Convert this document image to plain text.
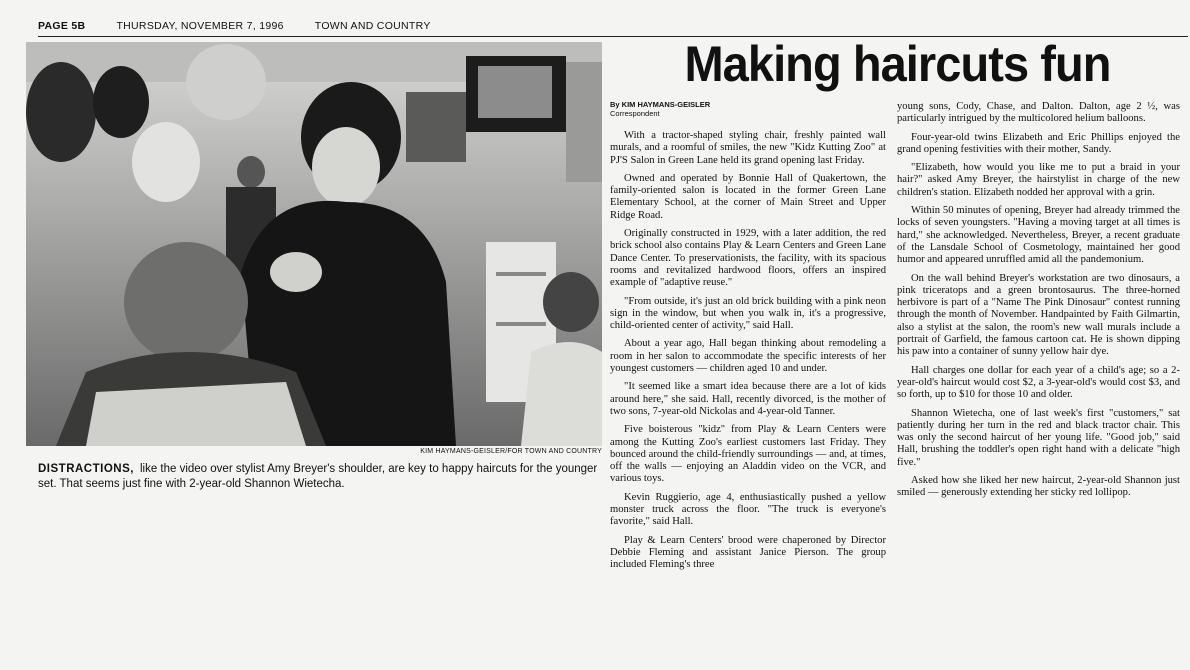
PAGE 5B	THURSDAY, NOVEMBER 7, 1996	TOWN AND COUNTRY
KIM HAYMANS-GEISLER/FOR TOWN AND COUNTRY
DISTRACTIONS, like the video over stylist Amy Breyer's shoulder, are key to happy haircuts for the younger set. That seems just fine with 2-year-old Shannon Wietecha.
Making haircuts fun
By KIM HAYMANS-GEISLER
Correspondent

With a tractor-shaped styling chair, freshly painted wall murals, and a roomful of smiles, the new "Kidz Kutting Zoo" at PJ'S Salon in Green Lane held its grand opening last Friday.

Owned and operated by Bonnie Hall of Quakertown, the family-oriented salon is located in the former Green Lane Elementary School, at the corner of Main Street and Upper Ridge Road.

Originally constructed in 1929, with a later addition, the red brick school also contains Play & Learn Centers and Green Lane Dance Center. To preservationists, the facility, with its spacious rooms and revitalized hardwood floors, offers an inspired example of "adaptive reuse."

"From outside, it's just an old brick building with a pink neon sign in the window, but when you walk in, it's a progressive, child-oriented center of activity," said Hall.

About a year ago, Hall began thinking about remodeling a room in her salon to accommodate the specific interests of her youngest customers — children aged 10 and under.

"It seemed like a smart idea because there are a lot of kids around here," she said. Hall, recently divorced, is the mother of two sons, 7-year-old Nickolas and 4-year-old Tanner.

Five boisterous "kidz" from Play & Learn Centers were among the Kutting Zoo's earliest customers last Friday. They bounced around the child-friendly surroundings — and, at times, off the walls — enjoying an Aladdin video on the VCR, and various toys.

Kevin Ruggierio, age 4, enthusiastically pushed a yellow monster truck across the floor. "The truck is everyone's favorite," said Hall.

Play & Learn Centers' brood were chaperoned by Director Debbie Fleming and assistant Janice Pierson. The group included Fleming's three

young sons, Cody, Chase, and Dalton. Dalton, age 2 ½, was particularly intrigued by the multicolored helium balloons.

Four-year-old twins Elizabeth and Eric Phillips enjoyed the grand opening festivities with their mother, Sandy.

"Elizabeth, how would you like me to put a braid in your hair?" asked Amy Breyer, the hairstylist in charge of the new children's station. Elizabeth nodded her approval with a grin.

Within 50 minutes of opening, Breyer had already trimmed the locks of seven youngsters. "Having a moving target at all times is hard," she acknowledged. Nevertheless, Breyer, a recent graduate of the Lansdale School of Cosmetology, maintained her good humor and appeared unruffled amid all the pandemonium.

On the wall behind Breyer's workstation are two dinosaurs, a pink triceratops and a green brontosaurus. The three-horned herbivore is part of a "Name The Pink Dinosaur" contest running through the month of November. Handpainted by Faith Gilmartin, also a stylist at the salon, the room's new wall murals include a portrait of Garfield, the famous cartoon cat. He is shown dipping his paw into a container of sunny yellow hair dye.

Hall charges one dollar for each year of a child's age; so a 2-year-old's haircut would cost $2, a 3-year-old's would cost $3, and so forth, up to $10 for those 10 and older.

Shannon Wietecha, one of last week's first "customers," sat patiently during her turn in the red and black tractor chair. This was only the second haircut of her young life. "Good job," said Hall, brushing the toddler's open right hand with a delicate "high five."

Asked how she liked her new haircut, 2-year-old Shannon just smiled — generously extending her sticky red lollipop.
